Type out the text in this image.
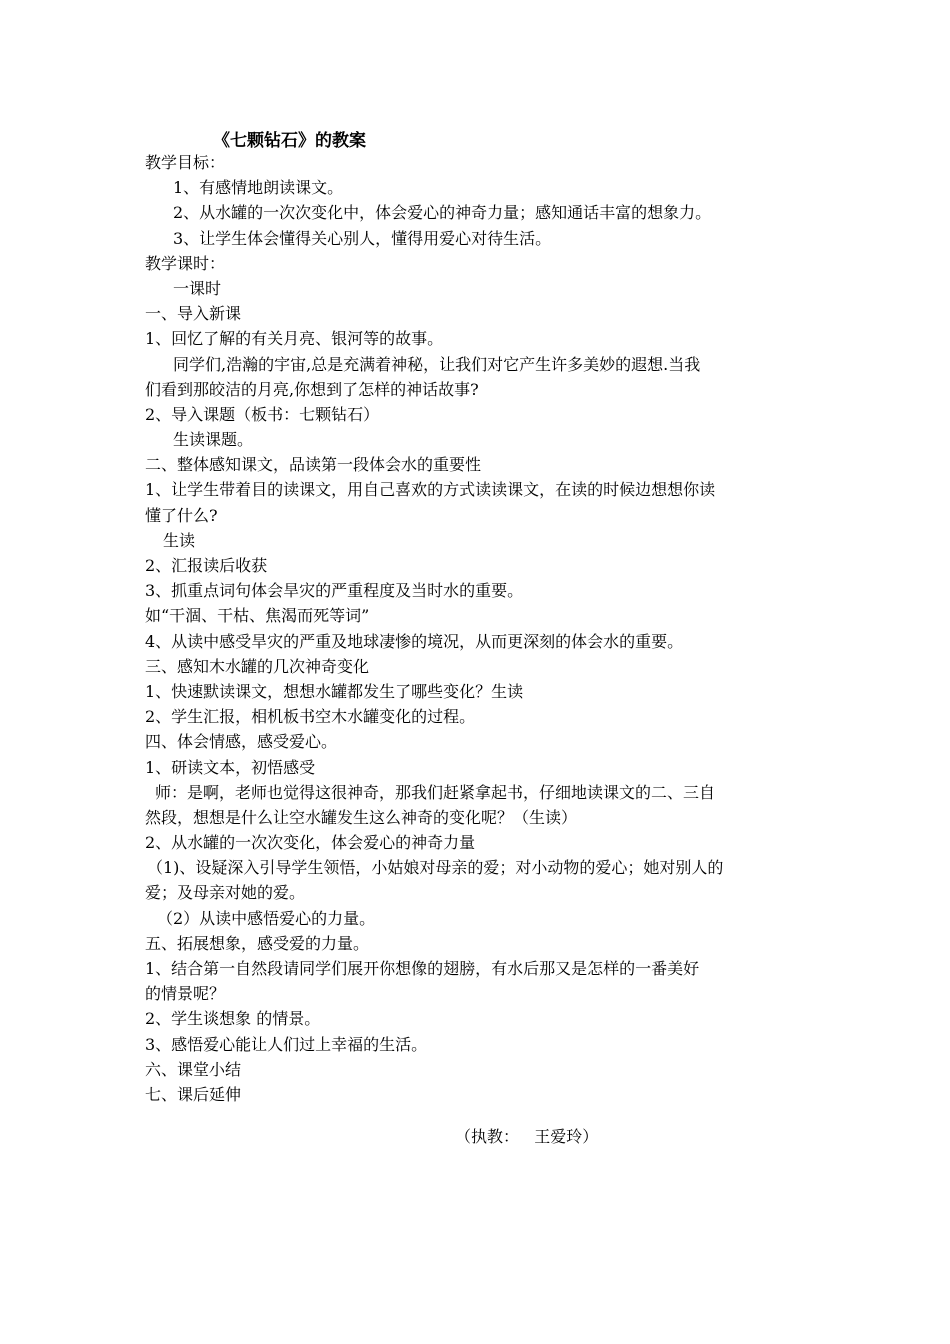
《七颗钻石》的教案
教学目标：
1、有感情地朗读课文。
2、从水罐的一次次变化中，体会爱心的神奇力量；感知通话丰富的想象力。
3、让学生体会懂得关心别人，懂得用爱心对待生活。
教学课时：
一课时
一、导入新课
1、回忆了解的有关月亮、银河等的故事。
同学们,浩瀚的宇宙,总是充满着神秘，让我们对它产生许多美妙的遐想.当我
们看到那皎洁的月亮,你想到了怎样的神话故事?
2、导入课题（板书：七颗钻石）
生读课题。
二、整体感知课文，品读第一段体会水的重要性
1、让学生带着目的读课文，用自己喜欢的方式读读课文，在读的时候边想想你读
懂了什么?
生读
2、汇报读后收获
3、抓重点词句体会旱灾的严重程度及当时水的重要。
如“干涸、干枯、焦渴而死等词”
4、从读中感受旱灾的严重及地球凄惨的境况，从而更深刻的体会水的重要。
三、感知木水罐的几次神奇变化
1、快速默读课文，想想水罐都发生了哪些变化？生读
2、学生汇报，相机板书空木水罐变化的过程。
四、体会情感，感受爱心。
1、研读文本，初悟感受
师：是啊，老师也觉得这很神奇，那我们赶紧拿起书，仔细地读课文的二、三自
然段，想想是什么让空水罐发生这么神奇的变化呢？（生读）
2、从水罐的一次次变化，体会爱心的神奇力量
（1)、设疑深入引导学生领悟，小姑娘对母亲的爱；对小动物的爱心；她对别人的
爱；及母亲对她的爱。
（2）从读中感悟爱心的力量。
五、拓展想象，感受爱的力量。
1、结合第一自然段请同学们展开你想像的翅膀，有水后那又是怎样的一番美好
的情景呢？
2、学生谈想象 的情景。
3、感悟爱心能让人们过上幸福的生活。
六、课堂小结
七、课后延伸
（执教：   王爱玲）
